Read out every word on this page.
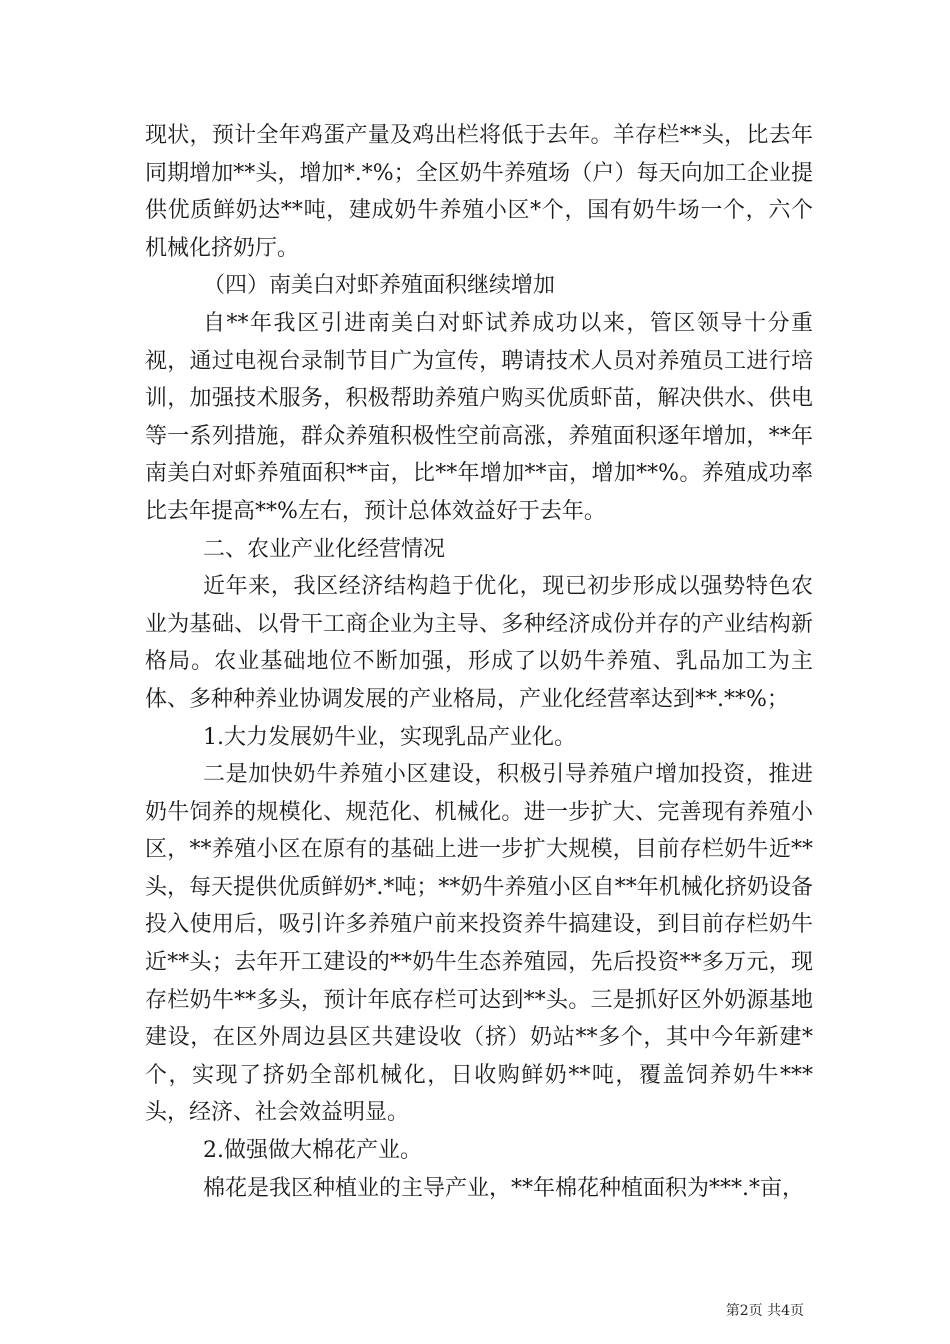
现状，预计全年鸡蛋产量及鸡出栏将低于去年。羊存栏**头，比去年同期增加**头，增加*.*%；全区奶牛养殖场（户）每天向加工企业提供优质鲜奶达**吨，建成奶牛养殖小区*个，国有奶牛场一个，六个机械化挤奶厅。

（四）南美白对虾养殖面积继续增加

自**年我区引进南美白对虾试养成功以来，管区领导十分重视，通过电视台录制节目广为宣传，聘请技术人员对养殖员工进行培训，加强技术服务，积极帮助养殖户购买优质虾苗，解决供水、供电等一系列措施，群众养殖积极性空前高涨，养殖面积逐年增加，**年南美白对虾养殖面积**亩，比**年增加**亩，增加**%。养殖成功率比去年提高**%左右，预计总体效益好于去年。

二、农业产业化经营情况

近年来，我区经济结构趋于优化，现已初步形成以强势特色农业为基础、以骨干工商企业为主导、多种经济成份并存的产业结构新格局。农业基础地位不断加强，形成了以奶牛养殖、乳品加工为主体、多种种养业协调发展的产业格局，产业化经营率达到**.**%；

1.大力发展奶牛业，实现乳品产业化。

二是加快奶牛养殖小区建设，积极引导养殖户增加投资，推进奶牛饲养的规模化、规范化、机械化。进一步扩大、完善现有养殖小区，**养殖小区在原有的基础上进一步扩大规模，目前存栏奶牛近**头，每天提供优质鲜奶*.*吨；**奶牛养殖小区自**年机械化挤奶设备投入使用后，吸引许多养殖户前来投资养牛搞建设，到目前存栏奶牛近**头；去年开工建设的**奶牛生态养殖园，先后投资**多万元，现存栏奶牛**多头，预计年底存栏可达到**头。三是抓好区外奶源基地建设，在区外周边县区共建设收（挤）奶站**多个，其中今年新建*个，实现了挤奶全部机械化，日收购鲜奶**吨，覆盖饲养奶牛***头，经济、社会效益明显。

2.做强做大棉花产业。

棉花是我区种植业的主导产业，**年棉花种植面积为***.*亩，

第2页 共4页
